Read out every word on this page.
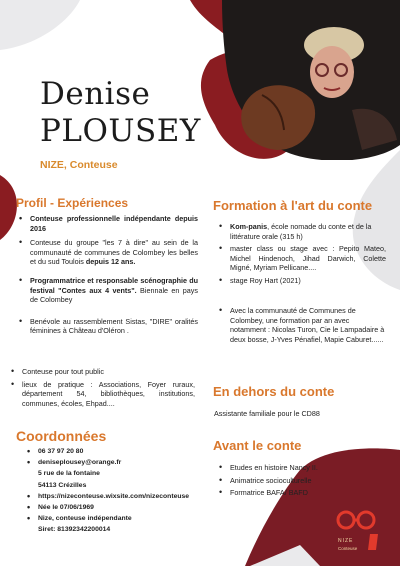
Denise
PLOUSEY
NIZE, Conteuse
Profil - Expériences
• Conteuse professionnelle indépendante depuis 2016
• Conteuse du groupe "les 7 à dire" au sein de la communauté de communes de Colombey les belles et du sud Toulois depuis 12 ans.
• Programmatrice et responsable scénographie du festival "Contes aux 4 vents". Biennale en pays de Colombey
• Benévole au rassemblement Sistas, "DIRE" oralités féminines à Château d'Oléron .
• Conteuse pour tout public
• lieux de pratique : Associations, Foyer ruraux, département 54, bibliothèques, institutions, communes, écoles, Ehpad....
Coordonnées
• 06 37 97 20 80
• deniseplousey@orange.fr
5 rue de la fontaine
54113 Crézilles
• https://nizeconteuse.wixsite.com/nizeconteuse
• Née le 07/06/1969
• Nize, conteuse indépendante
Siret: 81392342200014
Formation à l'art du conte
• Kom-panis, école nomade du conte et de la littérature orale (315 h)
• master class ou stage avec : Pepito Mateo, Michel Hindenoch, Jihad Darwich, Colette Migné, Myriam Pellicane....
• stage Roy Hart (2021)
• Avec la communauté de Communes de Colombey, une formation par an avec notamment : Nicolas Turon, Cie le Lampadaire à deux bosse, J-Yves Pénafiel, Mapie Caburet......
En dehors du conte
Assistante familiale pour le CD88
Avant le conte
• Etudes en histoire Nancy II.
• Animatrice socioculturelle
• Formatrice BAFA/ BAFD
NIZE
Conteuse
